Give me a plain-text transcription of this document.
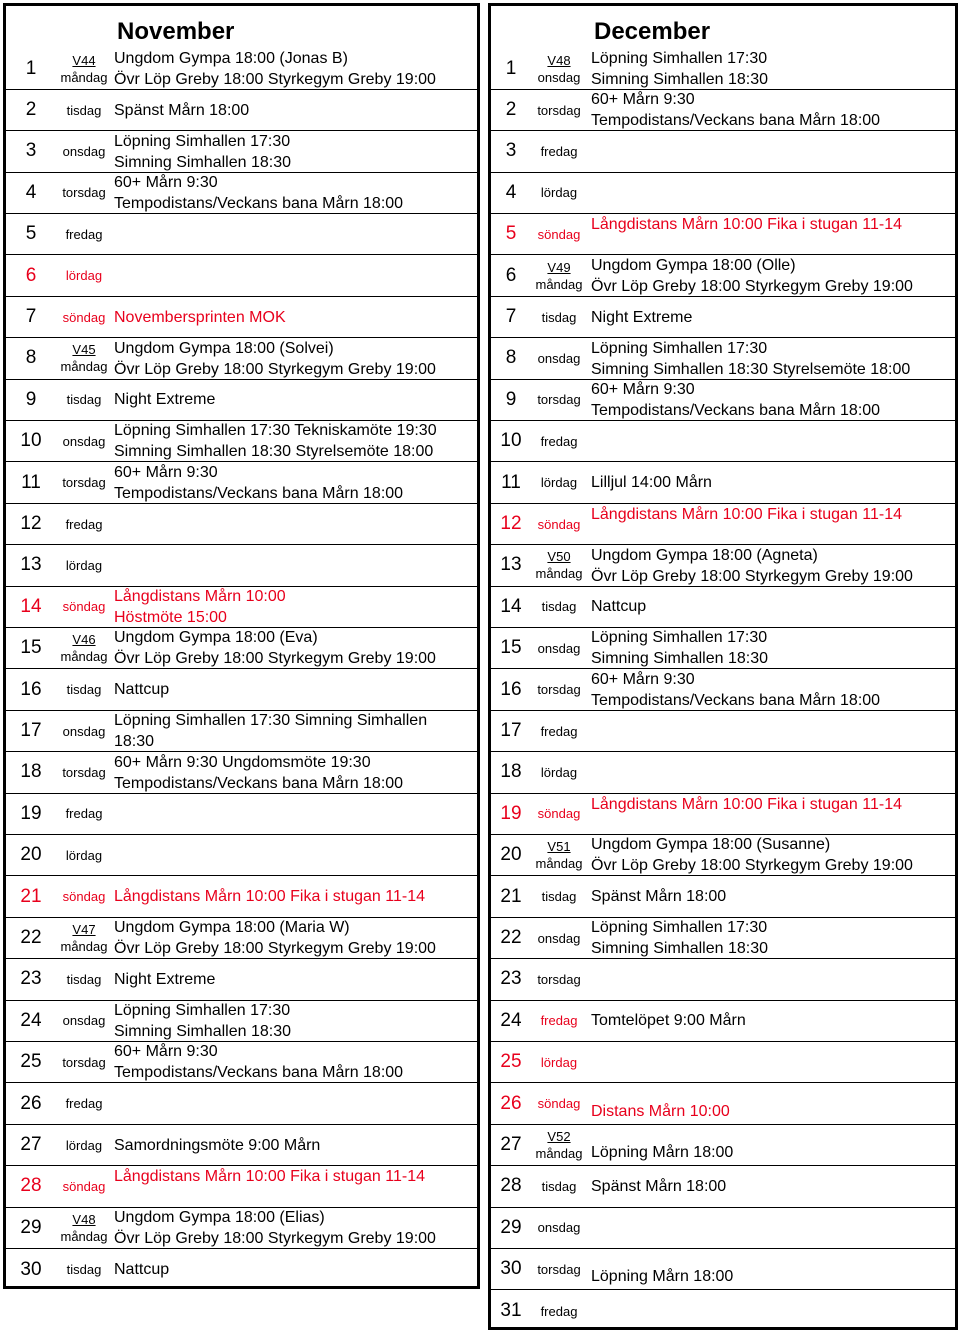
November
1	V44
måndag
Ungdom Gympa 18:00 (Jonas B)
Övr Löp Greby 18:00 Styrkegym Greby 19:00
2	tisdag Spänst Mårn 18:00
3	onsdag
Löpning Simhallen 17:30
Simning Simhallen 18:30
4	torsdag
60+ Mårn 9:30
Tempodistans/Veckans bana Mårn 18:00
5	fredag
6	lördag
7	söndag Novembersprinten MOK
8	V45
måndag
Ungdom Gympa 18:00 (Solvei)
Övr Löp Greby 18:00 Styrkegym Greby 19:00
9	tisdag Night Extreme
10	onsdag
Löpning Simhallen 17:30 Tekniskamöte 19:30
Simning Simhallen 18:30 Styrelsemöte 18:00
11	torsdag
60+ Mårn 9:30
Tempodistans/Veckans bana Mårn 18:00
12	fredag
13	lördag
14	söndag
Långdistans Mårn 10:00
Höstmöte 15:00
15	V46
måndag
Ungdom Gympa 18:00 (Eva)
Övr Löp Greby 18:00 Styrkegym Greby 19:00
16	tisdag Nattcup
17	onsdag
Löpning Simhallen 17:30 Simning Simhallen
18:30
18	torsdag
60+ Mårn 9:30 Ungdomsmöte 19:30
Tempodistans/Veckans bana Mårn 18:00
19	fredag
20	lördag
21	söndag Långdistans Mårn 10:00 Fika i stugan 11-14
22	V47
måndag
Ungdom Gympa 18:00 (Maria W)
Övr Löp Greby 18:00 Styrkegym Greby 19:00
23	tisdag Night Extreme
24	onsdag
Löpning Simhallen 17:30
Simning Simhallen 18:30
25	torsdag
60+ Mårn 9:30
Tempodistans/Veckans bana Mårn 18:00
26	fredag
27	lördag Samordningsmöte 9:00 Mårn
28	söndag
Långdistans Mårn 10:00 Fika i stugan 11-14
29	V48
måndag
Ungdom Gympa 18:00 (Elias)
Övr Löp Greby 18:00 Styrkegym Greby 19:00
30	tisdag Nattcup
December
1	V48
onsdag
Löpning Simhallen 17:30
Simning Simhallen 18:30
2	torsdag
60+ Mårn 9:30
Tempodistans/Veckans bana Mårn 18:00
3	fredag
4	lördag
5	söndag
Långdistans Mårn 10:00 Fika i stugan 11-14
6	V49
måndag
Ungdom Gympa 18:00 (Olle)
Övr Löp Greby 18:00 Styrkegym Greby 19:00
7	tisdag Night Extreme
8	onsdag
Löpning Simhallen 17:30
Simning Simhallen 18:30 Styrelsemöte 18:00
9	torsdag
60+ Mårn 9:30
Tempodistans/Veckans bana Mårn 18:00
10	fredag
11	lördag Lilljul 14:00 Mårn
12	söndag
Långdistans Mårn 10:00 Fika i stugan 11-14
13	V50
måndag
Ungdom Gympa 18:00 (Agneta)
Övr Löp Greby 18:00 Styrkegym Greby 19:00
14	tisdag Nattcup
15	onsdag
Löpning Simhallen 17:30
Simning Simhallen 18:30
16	torsdag
60+ Mårn 9:30
Tempodistans/Veckans bana Mårn 18:00
17	fredag
18	lördag
19	söndag
Långdistans Mårn 10:00 Fika i stugan 11-14
20	V51
måndag
Ungdom Gympa 18:00 (Susanne)
Övr Löp Greby 18:00 Styrkegym Greby 19:00
21	tisdag Spänst Mårn 18:00
22	onsdag
Löpning Simhallen 17:30
Simning Simhallen 18:30
23	torsdag
24	fredag Tomtelöpet 9:00 Mårn
25	lördag
26	söndag Distans Mårn 10:00
27	V52
måndag Löpning Mårn 18:00
28	tisdag Spänst Mårn 18:00
29	onsdag
30	torsdag Löpning Mårn 18:00
31	fredag
